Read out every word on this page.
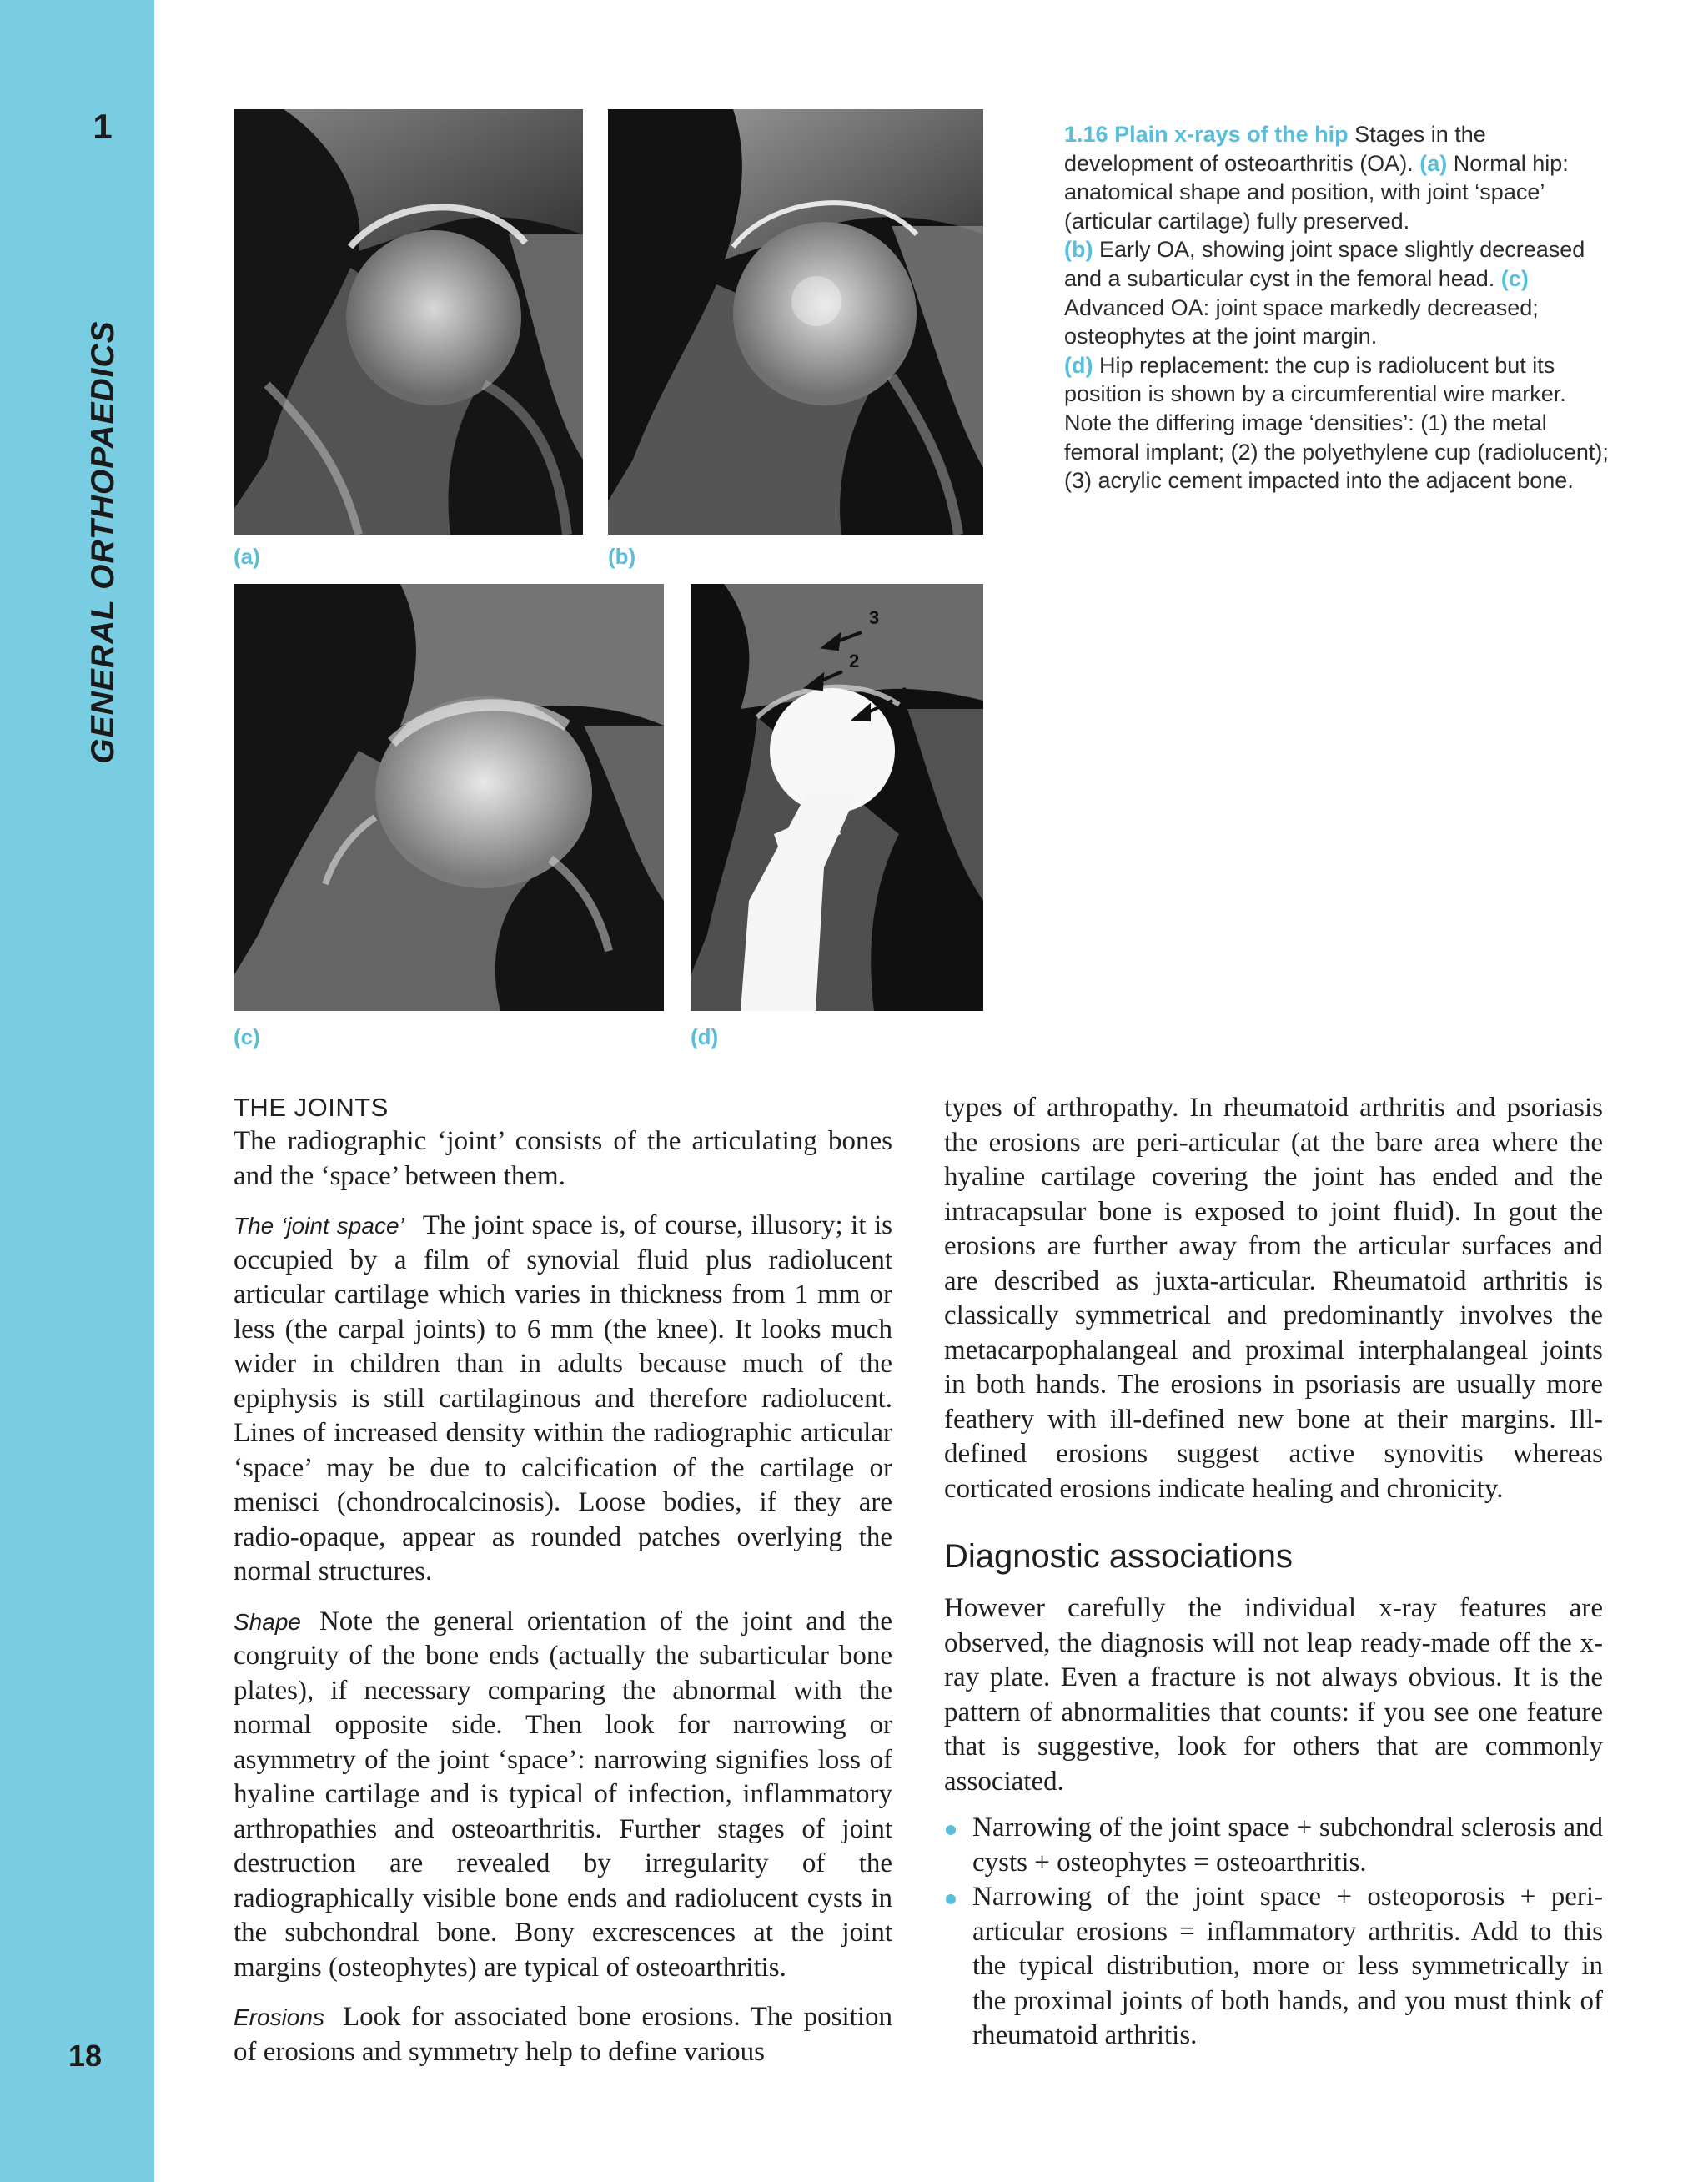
1
GENERAL ORTHOPAEDICS
18
(a)	(b)
(c)
3
2
1
(d)
1.16 Plain x-rays of the hip Stages in the development of osteoarthritis (OA). (a) Normal hip: anatomical shape and position, with joint ‘space’ (articular cartilage) fully preserved.
(b) Early OA, showing joint space slightly decreased and a subarticular cyst in the femoral head. (c) Advanced OA: joint space markedly decreased; osteophytes at the joint margin.
(d) Hip replacement: the cup is radiolucent but its position is shown by a circumferential wire marker. Note the differing image ‘densities’: (1) the metal femoral implant; (2) the polyethylene cup (radiolucent); (3) acrylic cement impacted into the adjacent bone.
THE JOINTS

The radiographic ‘joint’ consists of the articulating bones and the ‘space’ between them.

The ‘joint space’ The joint space is, of course, illusory; it is occupied by a film of synovial fluid plus radiolucent articular cartilage which varies in thickness from 1 mm or less (the carpal joints) to 6 mm (the knee). It looks much wider in children than in adults because much of the epiphysis is still cartilaginous and therefore radiolucent. Lines of increased density within the radiographic articular ‘space’ may be due to calcification of the cartilage or menisci (chondrocalcinosis). Loose bodies, if they are radio-opaque, appear as rounded patches overlying the normal structures.

Shape Note the general orientation of the joint and the congruity of the bone ends (actually the subarticular bone plates), if necessary comparing the abnormal with the normal opposite side. Then look for narrowing or asymmetry of the joint ‘space’: narrowing signifies loss of hyaline cartilage and is typical of infection, inflammatory arthropathies and osteoarthritis. Further stages of joint destruction are revealed by irregularity of the radiographically visible bone ends and radiolucent cysts in the subchondral bone. Bony excrescences at the joint margins (osteophytes) are typical of osteoarthritis.

Erosions Look for associated bone erosions. The position of erosions and symmetry help to define various

types of arthropathy. In rheumatoid arthritis and psoriasis the erosions are peri-articular (at the bare area where the hyaline cartilage covering the joint has ended and the intracapsular bone is exposed to joint fluid). In gout the erosions are further away from the articular surfaces and are described as juxta-articular. Rheumatoid arthritis is classically symmetrical and predominantly involves the metacarpophalangeal and proximal interphalangeal joints in both hands. The erosions in psoriasis are usually more feathery with ill-defined new bone at their margins. Ill-defined erosions suggest active synovitis whereas corticated erosions indicate healing and chronicity.

Diagnostic associations

However carefully the individual x-ray features are observed, the diagnosis will not leap ready-made off the x-ray plate. Even a fracture is not always obvious. It is the pattern of abnormalities that counts: if you see one feature that is suggestive, look for others that are commonly associated.

Narrowing of the joint space + subchondral sclerosis and cysts + osteophytes = osteoarthritis.
Narrowing of the joint space + osteoporosis + peri-articular erosions = inflammatory arthritis. Add to this the typical distribution, more or less symmetrically in the proximal joints of both hands, and you must think of rheumatoid arthritis.
